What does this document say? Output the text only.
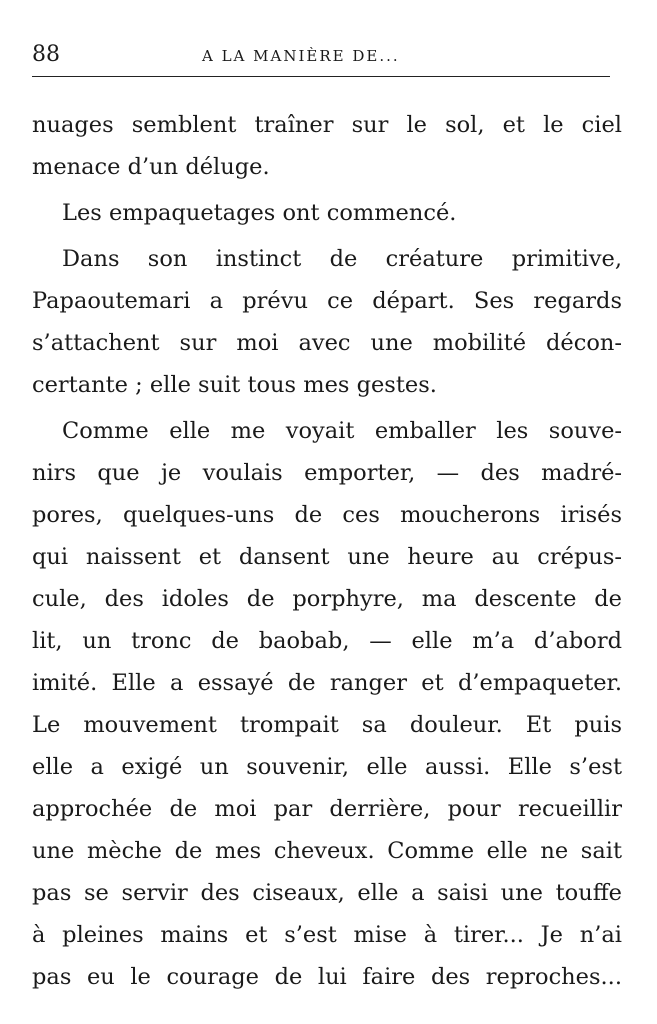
88	A LA MANIÈRE DE...
nuages semblent traîner sur le sol, et le ciel
menace d’un déluge.
Les empaquetages ont commencé.
Dans son instinct de créature primitive,
Papaoutemari a prévu ce départ. Ses regards
s’attachent sur moi avec une mobilité décon-
certante ; elle suit tous mes gestes.
Comme elle me voyait emballer les souve-
nirs que je voulais emporter, — des madré-
pores, quelques-uns de ces moucherons irisés
qui naissent et dansent une heure au crépus-
cule, des idoles de porphyre, ma descente de
lit, un tronc de baobab, — elle m’a d’abord
imité. Elle a essayé de ranger et d’empaqueter.
Le mouvement trompait sa douleur. Et puis
elle a exigé un souvenir, elle aussi. Elle s’est
approchée de moi par derrière, pour recueillir
une mèche de mes cheveux. Comme elle ne sait
pas se servir des ciseaux, elle a saisi une touffe
à pleines mains et s’est mise à tirer... Je n’ai
pas eu le courage de lui faire des reproches...
